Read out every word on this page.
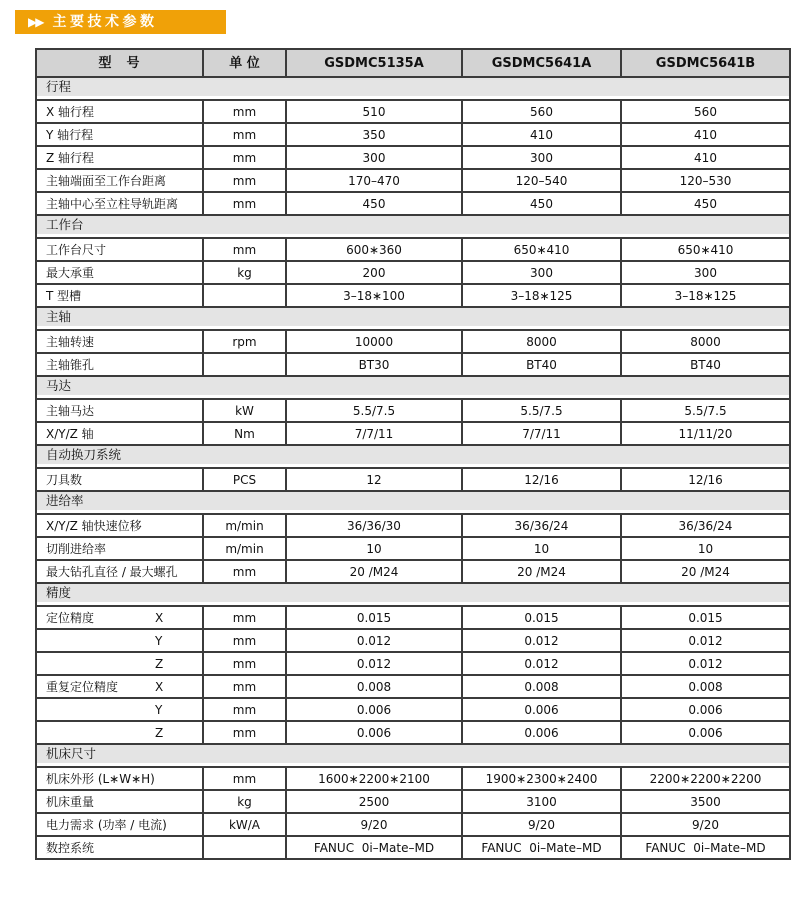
▶▶ 主要技术参数
型　号	单 位	GSDMC5135A	GSDMC5641A	GSDMC5641B

行程				

X 轴行程	mm	510	560	560
Y 轴行程	mm	350	410	410
Z 轴行程	mm	300	300	410
主轴端面至工作台距离	mm	170–470	120–540	120–530
主轴中心至立柱导轨距离	mm	450	450	450

工作台				

工作台尺寸	mm	600∗360	650∗410	650∗410
最大承重	kg	200	300	300
T 型槽		3–18∗100	3–18∗125	3–18∗125

主轴				

主轴转速	rpm	10000	8000	8000
主轴锥孔		BT30	BT40	BT40

马达				

主轴马达	kW	5.5/7.5	5.5/7.5	5.5/7.5
X/Y/Z 轴	Nm	7/7/11	7/7/11	11/11/20

自动换刀系统				

刀具数	PCS	12	12/16	12/16

进给率				

X/Y/Z 轴快速位移	m/min	36/36/30	36/36/24	36/36/24
切削进给率	m/min	10	10	10
最大钻孔直径 / 最大螺孔	mm	20 /M24	20 /M24	20 /M24

精度				

定位精度 X	mm	0.015	0.015	0.015

Y	mm	0.012	0.012	0.012

Z	mm	0.012	0.012	0.012
重复定位精度 X	mm	0.008	0.008	0.008

Y	mm	0.006	0.006	0.006

Z	mm	0.006	0.006	0.006

机床尺寸				

机床外形 (L∗W∗H)	mm	1600∗2200∗2100	1900∗2300∗2400	2200∗2200∗2200
机床重量	kg	2500	3100	3500
电力需求 (功率 / 电流)	kW/A	9/20	9/20	9/20
数控系统		FANUC  0i–Mate–MD	FANUC  0i–Mate–MD	FANUC  0i–Mate–MD
